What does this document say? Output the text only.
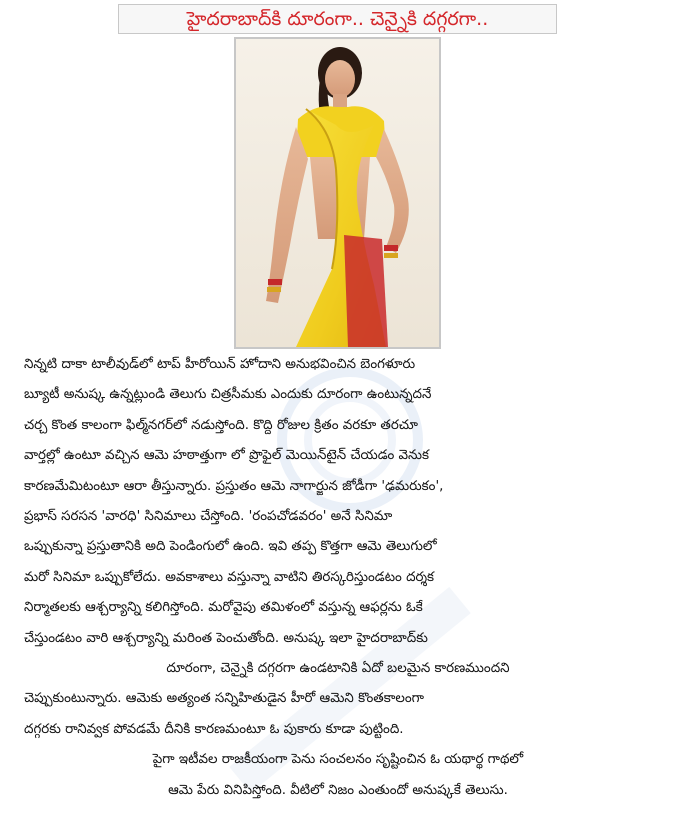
హైదరాబాద్‌కి దూరంగా.. చెన్నైకి దగ్గరగా..
నిన్నటి దాకా టాలీవుడ్‌లో టాప్ హీరోయిన్ హోదాని అనుభవించిన బెంగళూరు
బ్యూటీ అనుష్క ఉన్నట్లుండి తెలుగు చిత్రసీమకు ఎందుకు దూరంగా ఉంటున్నదనే
చర్చ కొంత కాలంగా ఫిల్మ్‌నగర్‌లో నడుస్తోంది. కొద్ది రోజుల క్రితం వరకూ తరచూ
వార్తల్లో ఉంటూ వచ్చిన ఆమె హఠాత్తుగా లో ప్రొఫైల్ మెయిన్‌టైన్ చేయడం వెనుక
కారణమేమిటంటూ ఆరా తీస్తున్నారు. ప్రస్తుతం ఆమె నాగార్జున జోడీగా 'ఢమరుకం',
ప్రభాస్ సరసన 'వారధి' సినిమాలు చేస్తోంది. 'రంపచోడవరం' అనే సినిమా
ఒప్పుకున్నా ప్రస్తుతానికి అది పెండింగులో ఉంది. ఇవి తప్ప కొత్తగా ఆమె తెలుగులో
మరో సినిమా ఒప్పుకోలేదు. అవకాశాలు వస్తున్నా వాటిని తిరస్కరిస్తుండటం దర్శక
నిర్మాతలకు ఆశ్చర్యాన్ని కలిగిస్తోంది. మరోవైపు తమిళంలో వస్తున్న ఆఫర్లను ఓకే
చేస్తుండటం వారి ఆశ్చర్యాన్ని మరింత పెంచుతోంది. అనుష్క ఇలా హైదరాబాద్‌కు
దూరంగా, చెన్నైకి దగ్గరగా ఉండటానికి ఏదో బలమైన కారణముందని
చెప్పుకుంటున్నారు. ఆమెకు అత్యంత సన్నిహితుడైన హీరో ఆమెని కొంతకాలంగా
దగ్గరకు రానివ్వక పోవడమే దీనికి కారణమంటూ ఓ పుకారు కూడా పుట్టింది.
పైగా ఇటీవల రాజకీయంగా పెను సంచలనం సృష్టించిన ఓ యథార్థ గాథలో
ఆమె పేరు వినిపిస్తోంది. వీటిలో నిజం ఎంతుందో అనుష్కకే తెలుసు.
